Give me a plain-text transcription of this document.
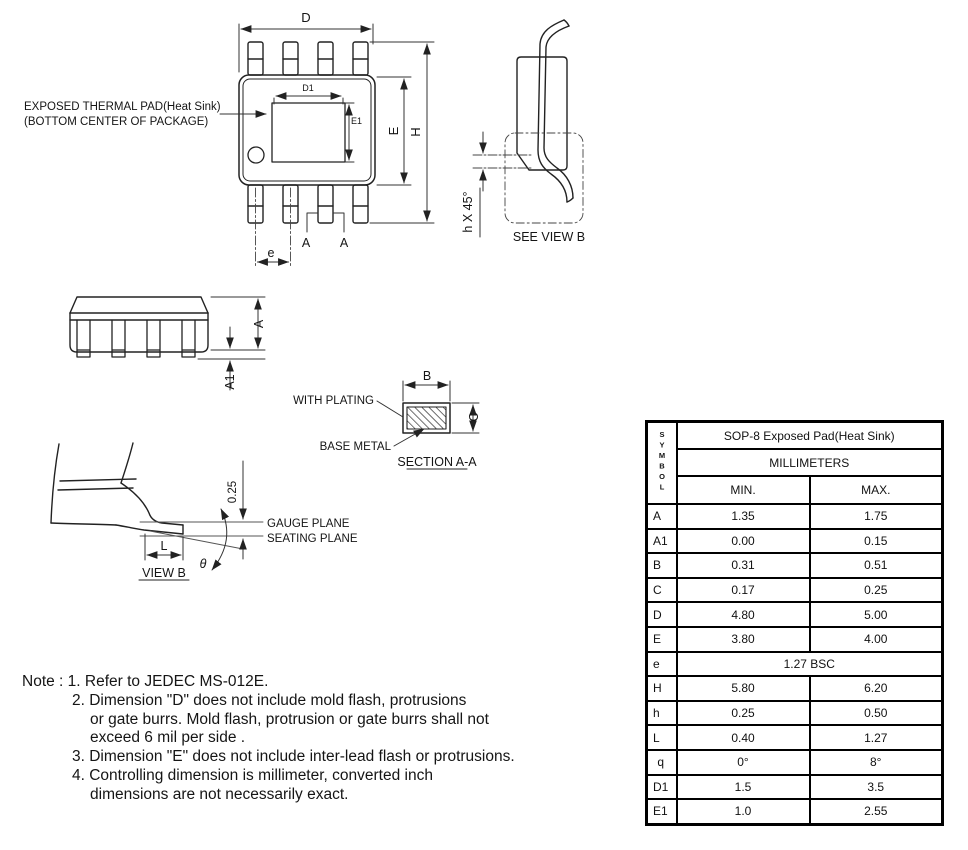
D
D1
E1
E H
e
A A
EXPOSED THERMAL PAD(Heat Sink)
(BOTTOM CENTER OF PACKAGE)
h X 45°
SEE VIEW B
A
A1	B
C
WITH PLATING
BASE METAL
SECTION A-A
θ
0.25
L
VIEW B
GAUGE PLANE
SEATING PLANE
SYMBOL	SOP-8 Exposed Pad(Heat Sink)	
	MILLIMETERS	
	MIN.	MAX.
A	1.35	1.75
A1	0.00	0.15
B	0.31	0.51
C	0.17	0.25
D	4.80	5.00
E	3.80	4.00
e	1.27 BSC	
H	5.80	6.20
h	0.25	0.50
L	0.40	1.27
q	0°	8°
D1	1.5	3.5
E1	1.0	2.55
Note : 1. Refer to JEDEC MS-012E.
2. Dimension "D" does not include mold flash, protrusions
or gate burrs. Mold flash, protrusion or gate burrs shall not
exceed 6 mil per side .
3. Dimension "E" does not include inter-lead flash or protrusions.
4. Controlling dimension is millimeter, converted inch
dimensions are not necessarily exact.
